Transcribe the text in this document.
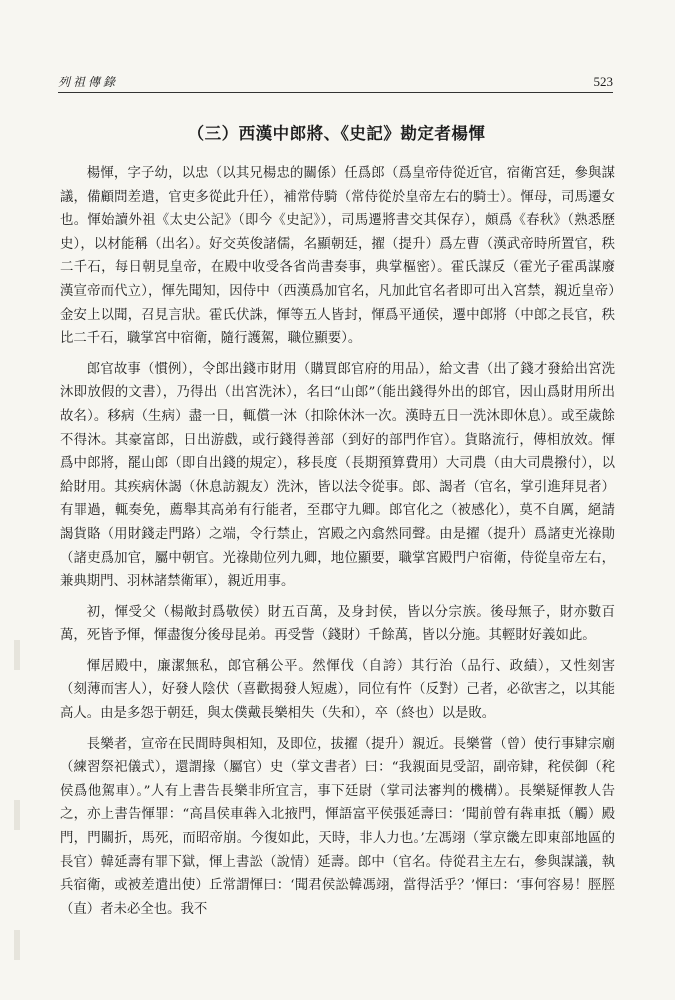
列祖傳錄	523
（三）西漢中郎將、《史記》勘定者楊惲

楊惲，字子幼，以忠（以其兄楊忠的關係）任爲郎（爲皇帝侍從近官，宿衛宮廷，參與謀議，備顧問差遣，官吏多從此升任），補常侍騎（常侍從於皇帝左右的騎士）。惲母，司馬遷女也。惲始讀外祖《太史公記》（即今《史記》），司馬遷將書交其保存），頗爲《春秋》（熟悉歷史），以材能稱（出名）。好交英俊諸儒，名顯朝廷，擢（提升）爲左曹（漢武帝時所置官，秩二千石，每日朝見皇帝，在殿中收受各省尚書奏事，典掌樞密）。霍氏謀反（霍光子霍禹謀廢漢宣帝而代立），惲先聞知，因侍中（西漢爲加官名，凡加此官名者即可出入宮禁，親近皇帝）金安上以聞，召見言狀。霍氏伏誅，惲等五人皆封，惲爲平通侯，遷中郎將（中郎之長官，秩比二千石，職掌宮中宿衛，隨行護駕，職位顯要）。

郎官故事（慣例），令郎出錢市財用（購買郎官府的用品），給文書（出了錢才發給出宮洗沐即放假的文書），乃得出（出宮洗沐），名曰“山郎”（能出錢得外出的郎官，因山爲財用所出故名）。移病（生病）盡一日，輒償一沐（扣除休沐一次。漢時五日一洗沐即休息）。或至歲餘不得沐。其豪富郎，日出游戲，或行錢得善部（到好的部門作官）。貨賂流行，傳相放效。惲爲中郎將，罷山郎（即自出錢的規定），移長度（長期預算費用）大司農（由大司農撥付），以給財用。其疾病休謁（休息訪親友）洗沐，皆以法令從事。郎、謁者（官名，掌引進拜見者）有罪過，輒奏免，薦舉其高弟有行能者，至郡守九卿。郎官化之（被感化），莫不自厲，絕請謁貨賂（用財錢走門路）之端，令行禁止，宮殿之內翕然同聲。由是擢（提升）爲諸吏光祿勛（諸吏爲加官，屬中朝官。光祿勛位列九卿，地位顯要，職掌宮殿門户宿衛，侍從皇帝左右，兼典期門、羽林諸禁衛軍），親近用事。

初，惲受父（楊敞封爲敬侯）財五百萬，及身封侯，皆以分宗族。後母無子，財亦數百萬，死皆予惲，惲盡復分後母昆弟。再受訾（錢財）千餘萬，皆以分施。其輕財好義如此。

惲居殿中，廉潔無私，郎官稱公平。然惲伐（自誇）其行治（品行、政績），又性刻害（刻薄而害人），好發人陰伏（喜歡揭發人短處），同位有忤（反對）己者，必欲害之，以其能高人。由是多怨于朝廷，與太僕戴長樂相失（失和），卒（終也）以是敗。

長樂者，宣帝在民間時與相知，及即位，拔擢（提升）親近。長樂嘗（曾）使行事肄宗廟（練習祭祀儀式），還謂掾（屬官）史（掌文書者）曰：“我親面見受詔，副帝肄，秺侯御（秺侯爲他駕車）。”人有上書告長樂非所宜言，事下廷尉（掌司法審判的機構）。長樂疑惲教人告之，亦上書告惲罪：“高昌侯車犇入北掖門，惲語富平侯張延壽曰：‘聞前曾有犇車抵（觸）殿門，門關折，馬死，而昭帝崩。今復如此，天時，非人力也。’左馮翊（掌京畿左即東部地區的長官）韓延壽有罪下獄，惲上書訟（說情）延壽。郎中（官名。侍從君主左右，參與謀議，執兵宿衛，或被差遣出使）丘常謂惲曰：‘聞君侯訟韓馮翊，當得活乎？’惲曰：‘事何容易！脛脛（直）者未必全也。我不
